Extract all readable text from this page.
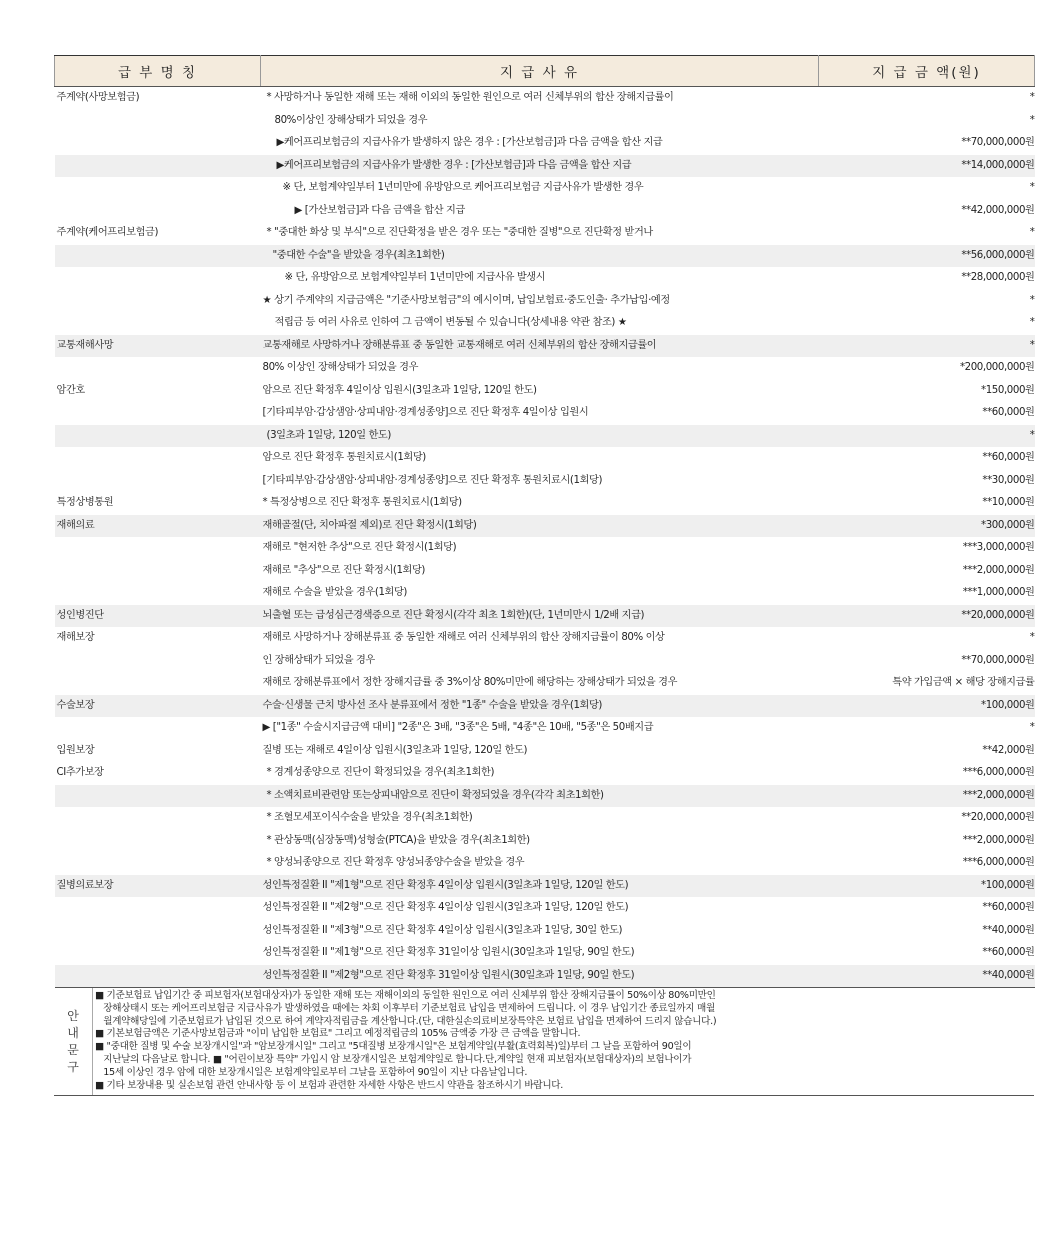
급 부 명 칭	지 급 사 유	지 급 금 액(원)
주계약(사망보험금)	* 사망하거나 동일한 재해 또는 재해 이외의 동일한 원인으로 여러 신체부위의 합산 장해지급률이	*
	80%이상인 장해상태가 되었을 경우	*
	▶케어프리보험금의 지급사유가 발생하지 않은 경우 : [가산보험금]과 다음 금액을 합산 지급	**70,000,000원
	▶케어프리보험금의 지급사유가 발생한 경우 : [가산보험금]과 다음 금액을 합산 지급	**14,000,000원
	※ 단, 보험계약일부터 1년미만에 유방암으로 케어프리보험금 지급사유가 발생한 경우	*
	▶ [가산보험금]과 다음 금액을 합산 지급	**42,000,000원
주계약(케어프리보험금)	* "중대한 화상 및 부식"으로 진단확정을 받은 경우 또는 "중대한 질병"으로 진단확정 받거나	*
	"중대한 수술"을 받았을 경우(최초1회한)	**56,000,000원
	※ 단, 유방암으로 보험계약일부터 1년미만에 지급사유 발생시	**28,000,000원
	★ 상기 주계약의 지급금액은 "기준사망보험금"의 예시이며, 납입보험료·중도인출· 추가납입·예정	*
	적립금 등 여러 사유로 인하여 그 금액이 변동될 수 있습니다(상세내용 약관 참조) ★	*
교통재해사망	교통재해로 사망하거나 장해분류표 중 동일한 교통재해로 여러 신체부위의 합산 장해지급률이	*
	80% 이상인 장해상태가 되었을 경우	*200,000,000원
암간호	암으로 진단 확정후 4일이상 입원시(3일초과 1일당, 120일 한도)	*150,000원
	[기타피부암·갑상샘암·상피내암·경계성종양]으로 진단 확정후 4일이상 입원시	**60,000원
	(3일초과 1일당, 120일 한도)	*
	암으로 진단 확정후 통원치료시(1회당)	**60,000원
	[기타피부암·갑상샘암·상피내암·경계성종양]으로 진단 확정후 통원치료시(1회당)	**30,000원
특정상병통원	* 특정상병으로 진단 확정후 통원치료시(1회당)	**10,000원
재해의료	재해골절(단, 치아파절 제외)로 진단 확정시(1회당)	*300,000원
	재해로 "현저한 추상"으로 진단 확정시(1회당)	***3,000,000원
	재해로 "추상"으로 진단 확정시(1회당)	***2,000,000원
	재해로 수술을 받았을 경우(1회당)	***1,000,000원
성인병진단	뇌출혈 또는 급성심근경색증으로 진단 확정시(각각 최초 1회한)(단, 1년미만시 1/2배 지급)	**20,000,000원
재해보장	재해로 사망하거나 장해분류표 중 동일한 재해로 여러 신체부위의 합산 장해지급률이 80% 이상	*
	인 장해상태가 되었을 경우	**70,000,000원
	재해로 장해분류표에서 정한 장해지급률 중 3%이상 80%미만에 해당하는 장해상태가 되었을 경우	특약 가입금액 × 해당 장해지급률
수술보장	수술·신생물 근치 방사선 조사 분류표에서 정한 "1종" 수술을 받았을 경우(1회당)	*100,000원
	▶ ["1종" 수술시지급금액 대비] "2종"은 3배, "3종"은 5배, "4종"은 10배, "5종"은 50배지급	*
입원보장	질병 또는 재해로 4일이상 입원시(3일초과 1일당, 120일 한도)	**42,000원
CI추가보장	* 경계성종양으로 진단이 확정되었을 경우(최초1회한)	***6,000,000원
	* 소액치료비관련암 또는상피내암으로 진단이 확정되었을 경우(각각 최초1회한)	***2,000,000원
	* 조혈모세포이식수술을 받았을 경우(최초1회한)	**20,000,000원
	* 관상동맥(심장동맥)성형술(PTCA)을 받았을 경우(최초1회한)	***2,000,000원
	* 양성뇌종양으로 진단 확정후 양성뇌종양수술을 받았을 경우	***6,000,000원
질병의료보장	성인특정질환 II "제1형"으로 진단 확정후 4일이상 입원시(3일초과 1일당, 120일 한도)	*100,000원
	성인특정질환 II "제2형"으로 진단 확정후 4일이상 입원시(3일초과 1일당, 120일 한도)	**60,000원
	성인특정질환 II "제3형"으로 진단 확정후 4일이상 입원시(3일초과 1일당, 30일 한도)	**40,000원
	성인특정질환 II "제1형"으로 진단 확정후 31일이상 입원시(30일초과 1일당, 90일 한도)	**60,000원
	성인특정질환 II "제2형"으로 진단 확정후 31일이상 입원시(30일초과 1일당, 90일 한도)	**40,000원
안
내
문
구

■ 기준보험료 납입기간 중 피보험자(보험대상자)가 동일한 재해 또는 재해이외의 동일한 원인으로 여러 신체부위 합산 장해지급률이 50%이상 80%미만인

장해상태시 또는 케어프리보험금 지급사유가 발생하였을 때에는 차회 이후부터 기준보험료 납입을 면제하여 드립니다. 이 경우 납입기간 종료일까지 매월

월계약해당일에 기준보험료가 납입된 것으로 하여 계약자적립금을 계산합니다.(단, 대한실손의료비보장특약은 보험료 납입을 면제하여 드리지 않습니다.)

■ 기본보험금액은 기준사망보험금과 "이미 납입한 보험료" 그리고 예정적립금의 105% 금액중 가장 큰 금액을 말합니다.

■ "중대한 질병 및 수술 보장개시일"과 "암보장개시일" 그리고 "5대질병 보장개시일"은 보험계약일(부활(효력회복)일)부터 그 날을 포함하여 90일이

지난날의 다음날로 합니다. ■ "어린이보장 특약" 가입시 암 보장개시일은 보험계약일로 합니다.단,계약일 현재 피보험자(보험대상자)의 보험나이가

15세 이상인 경우 암에 대한 보장개시일은 보험계약일로부터 그날을 포함하여 90일이 지난 다음날입니다.

■ 기타 보장내용 및 실손보험 관련 안내사항 등 이 보험과 관련한 자세한 사항은 반드시 약관을 참조하시기 바랍니다.
